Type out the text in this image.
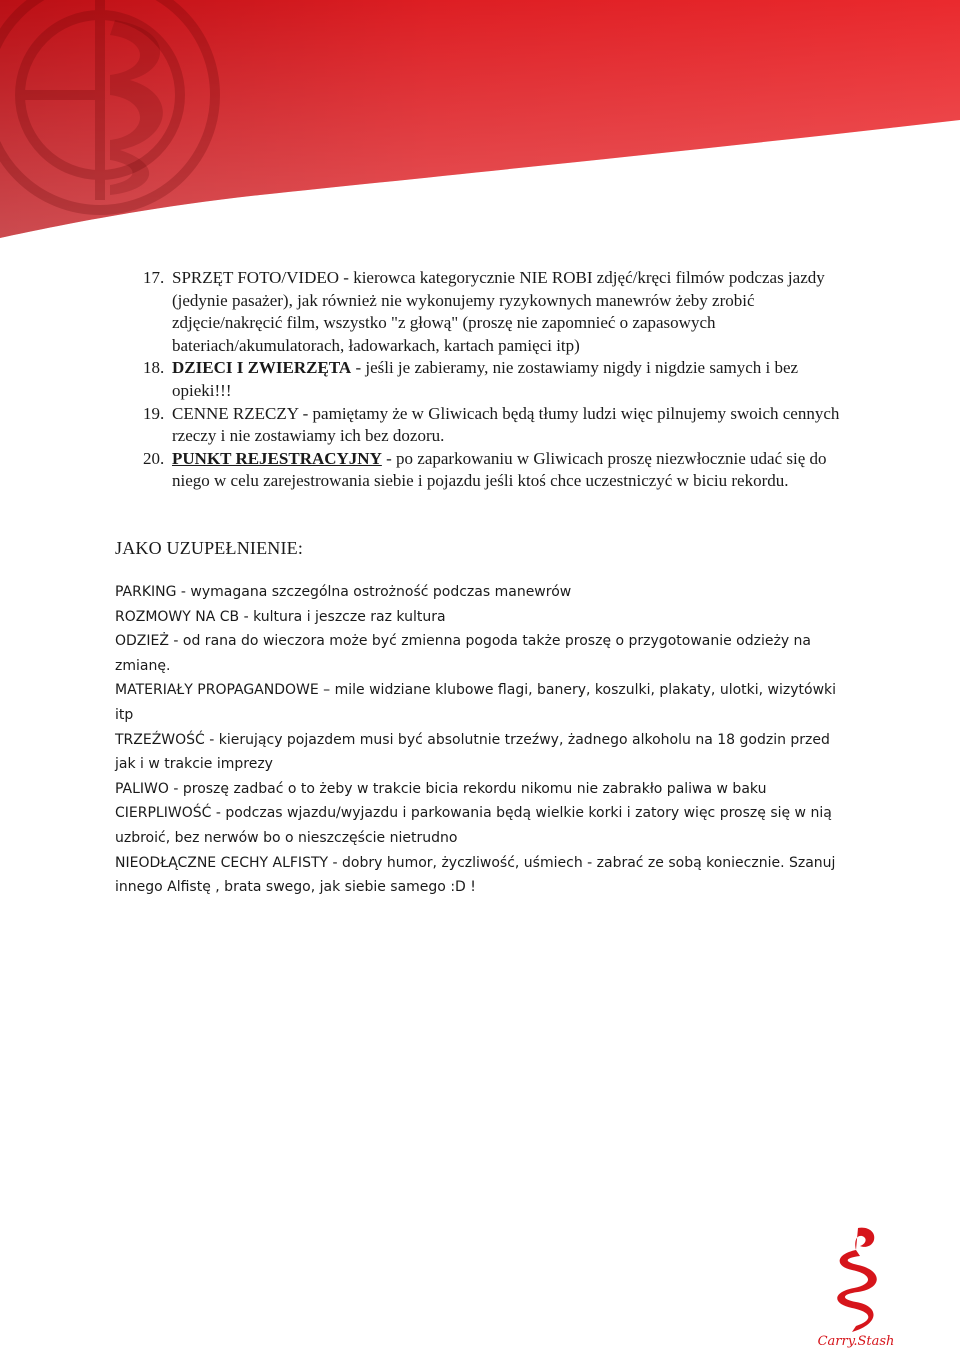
17. SPRZĘT FOTO/VIDEO - kierowca kategorycznie NIE ROBI zdjęć/kręci filmów podczas jazdy (jedynie pasażer), jak również nie wykonujemy ryzykownych manewrów żeby zrobić zdjęcie/nakręcić film, wszystko "z głową" (proszę nie zapomnieć o zapasowych bateriach/akumulatorach, ładowarkach, kartach pamięci itp)
18. DZIECI I ZWIERZĘTA - jeśli je zabieramy, nie zostawiamy nigdy i nigdzie samych i bez opieki!!!
19. CENNE RZECZY - pamiętamy że w Gliwicach będą tłumy ludzi więc pilnujemy swoich cennych rzeczy i nie zostawiamy ich bez dozoru.
20. PUNKT REJESTRACYJNY - po zaparkowaniu w Gliwicach proszę niezwłocznie udać się do niego w celu zarejestrowania siebie i pojazdu jeśli ktoś chce uczestniczyć w biciu rekordu.
JAKO UZUPEŁNIENIE:

PARKING - wymagana szczególna ostrożność podczas manewrów

ROZMOWY NA CB - kultura i jeszcze raz kultura

ODZIEŻ - od rana do wieczora może być zmienna pogoda także proszę o przygotowanie odzieży na zmianę.

MATERIAŁY PROPAGANDOWE – mile widziane klubowe flagi, banery, koszulki, plakaty, ulotki, wizytówki itp

TRZEŹWOŚĆ - kierujący pojazdem musi być absolutnie trzeźwy, żadnego alkoholu na 18 godzin przed jak i w trakcie imprezy

PALIWO - proszę zadbać o to żeby w trakcie bicia rekordu nikomu nie zabrakło paliwa w baku

CIERPLIWOŚĆ - podczas wjazdu/wyjazdu i parkowania będą wielkie korki i zatory więc proszę się w nią uzbroić, bez nerwów bo o nieszczęście nietrudno

NIEODŁĄCZNE CECHY ALFISTY - dobry humor, życzliwość, uśmiech - zabrać ze sobą koniecznie. Szanuj innego Alfistę , brata swego, jak siebie samego :D !

Carry.Stash
